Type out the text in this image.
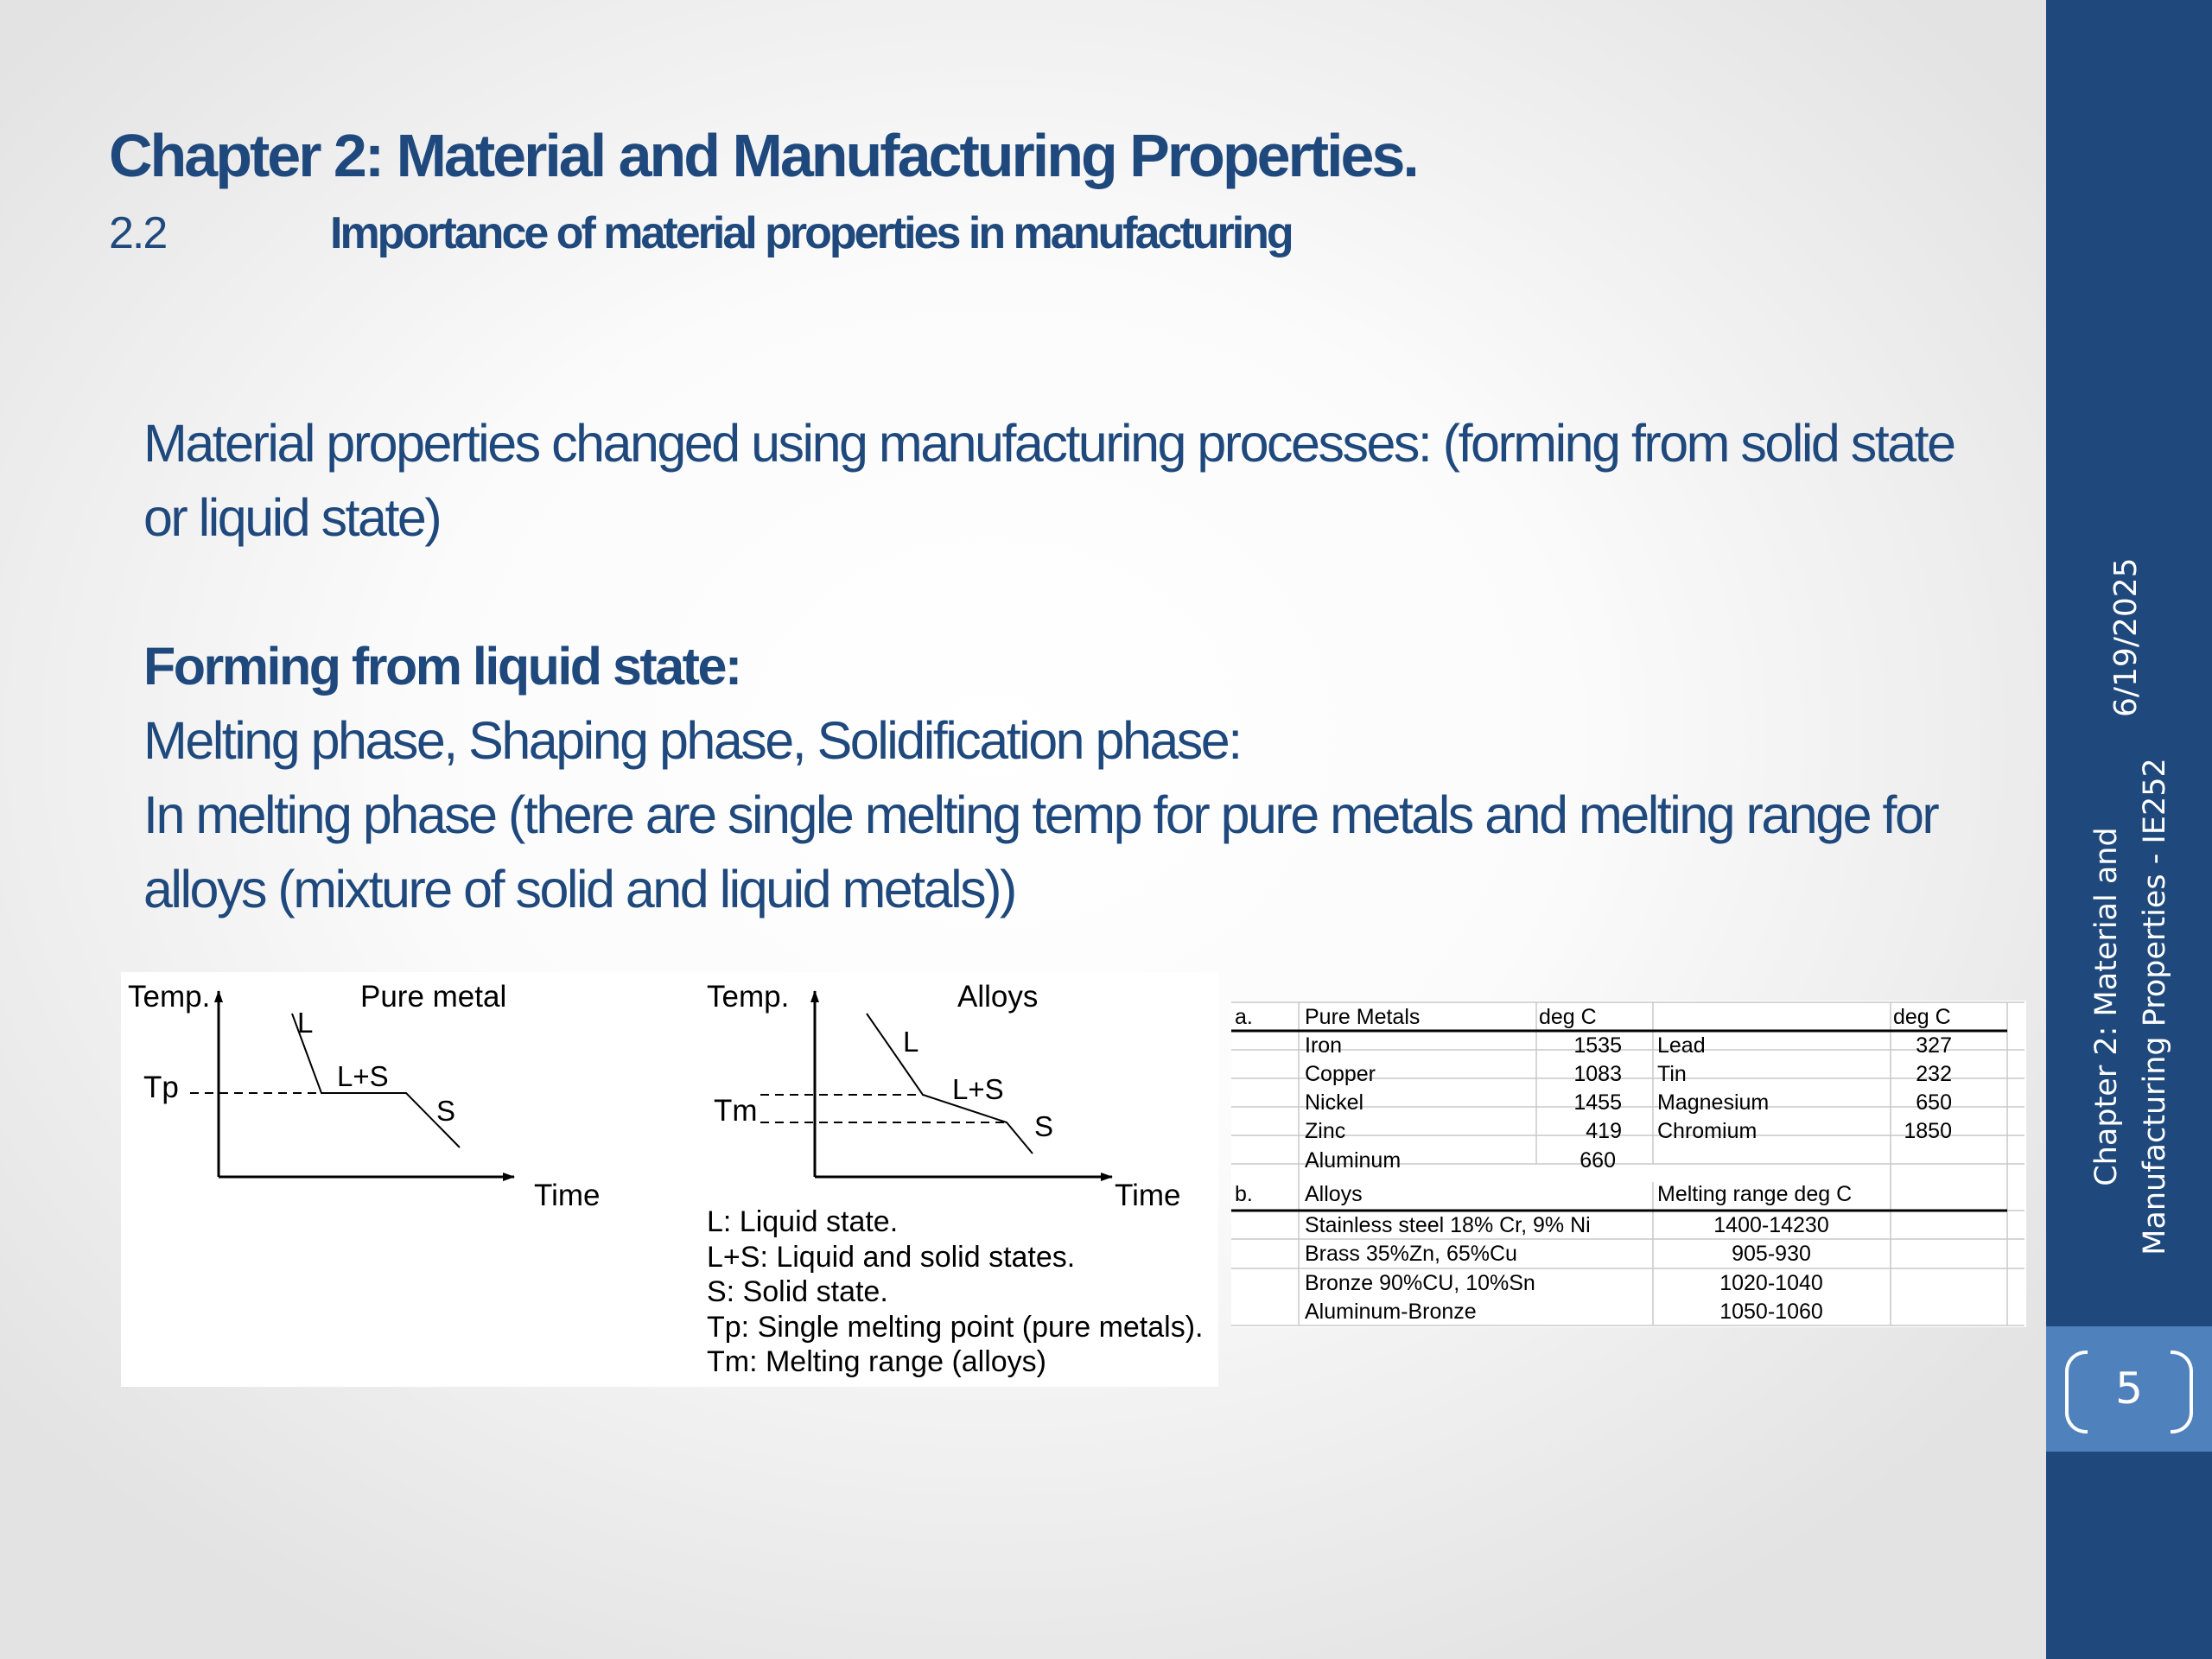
Chapter 2: Material and Manufacturing Properties.
2.2	Importance of material properties in manufacturing

Material properties changed using manufacturing processes: (forming from solid state or liquid state)

Forming from liquid state:

Melting phase, Shaping phase, Solidification phase:

In melting phase (there are single melting temp for pure metals and melting range for alloys (mixture of solid and liquid metals))

Temp.	Pure metal
Time
Tp
L
L+S
S
Temp.	Alloys
Time
Tm
L
L+S
S
L: Liquid state.
L+S: Liquid and solid states.
S: Solid state.
Tp: Single melting point (pure metals).
Tm: Melting range (alloys)
a. Pure Metals	deg C	deg C
Iron	1535 Lead	327
Copper	1083 Tin	232
Nickel	1455 Magnesium	650
Zinc	419 Chromium	1850
Aluminum	660
b. Alloys	Melting range deg C
Stainless steel 18% Cr, 9% Ni	1400-14230
Brass 35%Zn, 65%Cu	905-930
Bronze 90%CU, 10%Sn	1020-1040
Aluminum-Bronze	1050-1060
6/19/2025
Chapter 2: Material and Manufacturing Properties - IE252
5
